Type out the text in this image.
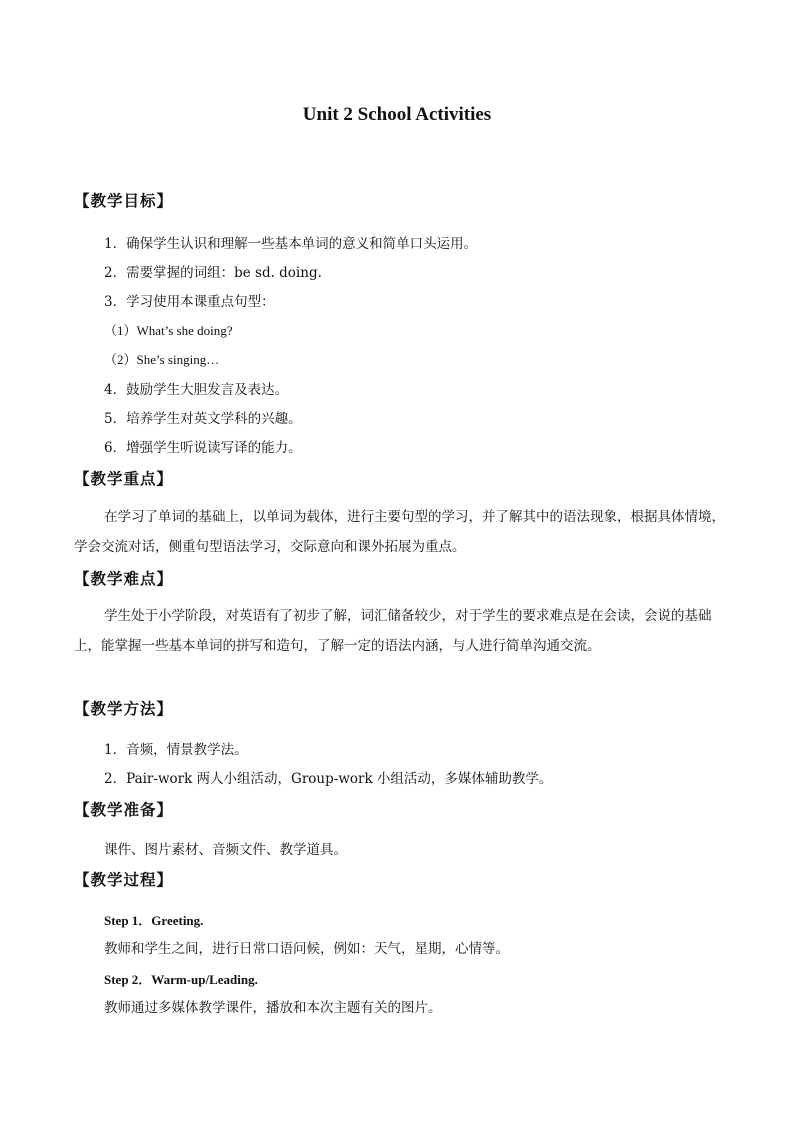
Unit 2 School Activities
【教学目标】
1．确保学生认识和理解一些基本单词的意义和简单口头运用。
2．需要掌握的词组：be sd. doing.
3．学习使用本课重点句型：
（1）What’s she doing?
（2）She’s singing…
4．鼓励学生大胆发言及表达。
5．培养学生对英文学科的兴趣。
6．增强学生听说读写译的能力。
【教学重点】
在学习了单词的基础上，以单词为载体，进行主要句型的学习，并了解其中的语法现象，根据具体情境，学会交流对话，侧重句型语法学习，交际意向和课外拓展为重点。
【教学难点】
学生处于小学阶段，对英语有了初步了解，词汇储备较少，对于学生的要求难点是在会读，会说的基础上，能掌握一些基本单词的拼写和造句，了解一定的语法内涵，与人进行简单沟通交流。
【教学方法】
1．音频，情景教学法。
2．Pair-work 两人小组活动，Group-work 小组活动，多媒体辅助教学。
【教学准备】
课件、图片素材、音频文件、教学道具。
【教学过程】
Step 1．Greeting.
教师和学生之间，进行日常口语问候，例如：天气，星期，心情等。
Step 2．Warm-up/Leading.
教师通过多媒体教学课件，播放和本次主题有关的图片。
